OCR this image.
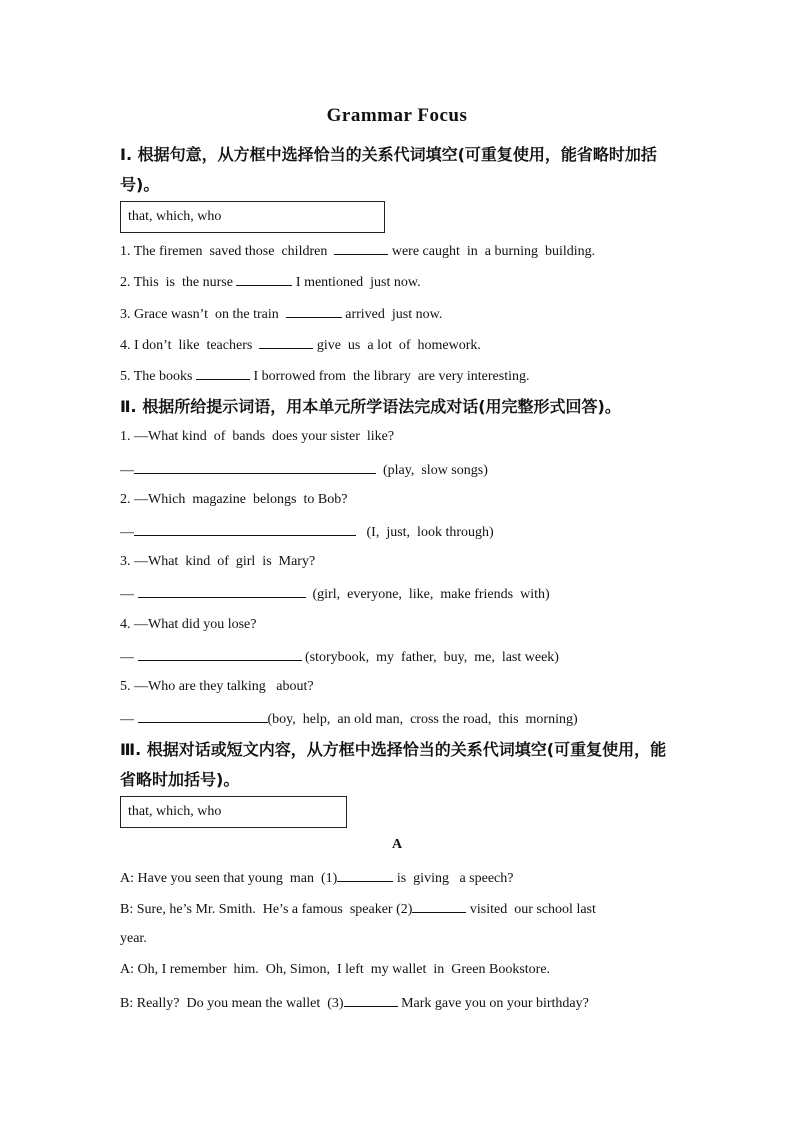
Grammar Focus
Ⅰ. 根据句意，从方框中选择恰当的关系代词填空(可重复使用，能省略时加括
号)。
that, which, who
1. The firemen  saved those  children	were caught  in  a burning  building.
2. This  is  the nurse	I mentioned  just now.
3. Grace wasn’t  on the train	arrived  just now.
4. I don’t  like  teachers	give  us  a lot  of  homework.
5. The books	I borrowed from  the library  are very interesting.
Ⅱ. 根据所给提示词语，用本单元所学语法完成对话(用完整形式回答)。
1. —What kind  of  bands  does your sister  like?
—	(play,  slow songs)
2. —Which  magazine  belongs  to Bob?
—	(I,  just,  look through)
3. —What  kind  of  girl  is  Mary?
—	(girl,  everyone,  like,  make friends  with)
4. —What did you lose?
—	(storybook,  my  father,  buy,  me,  last week)
5. —Who are they talking   about?
—	(boy,  help,  an old man,  cross the road,  this  morning)
Ⅲ. 根据对话或短文内容，从方框中选择恰当的关系代词填空(可重复使用，能
省略时加括号)。
that, which, who
A
A: Have you seen that young  man  (1)	is  giving   a speech?
B: Sure, he’s Mr. Smith.  He’s a famous  speaker (2)	visited  our school last
year.
A: Oh, I remember  him.  Oh, Simon,  I left  my wallet  in  Green Bookstore.
B: Really?  Do you mean the wallet  (3)	Mark gave you on your birthday?
